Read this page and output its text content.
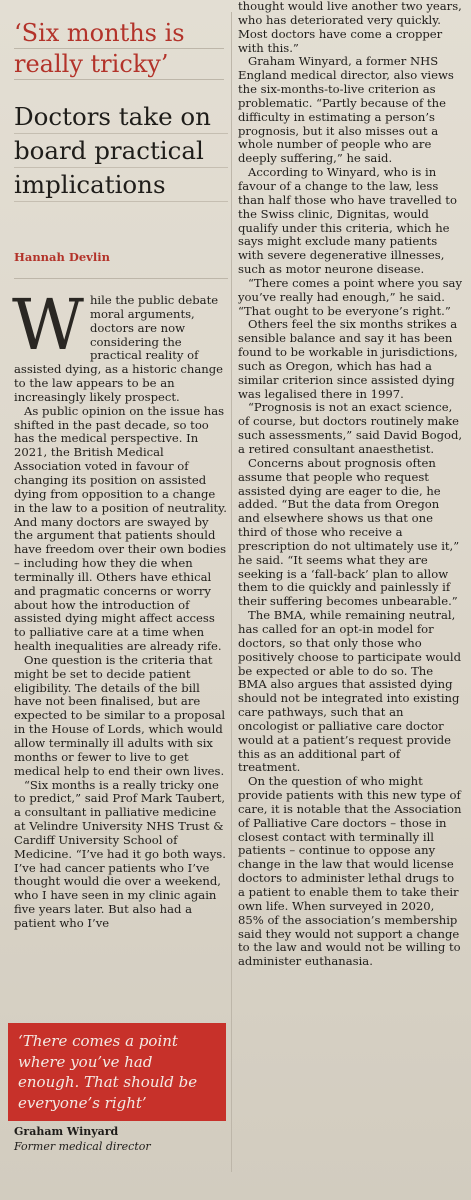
‘Six months is
really tricky’
Doctors take on
board practical
implications
Hannah Devlin

While the public debate moral arguments, doctors are now considering the practical reality of assisted dying, as a historic change to the law appears to be an increasingly likely prospect.

As public opinion on the issue has shifted in the past decade, so too has the medical perspective. In 2021, the British Medical Association voted in favour of changing its position on assisted dying from opposition to a change in the law to a position of neutrality. And many doctors are swayed by the argument that patients should have freedom over their own bodies – including how they die when terminally ill. Others have ethical and pragmatic concerns or worry about how the introduction of assisted dying might affect access to palliative care at a time when health inequalities are already rife.

One question is the criteria that might be set to decide patient eligibility. The details of the bill have not been finalised, but are expected to be similar to a proposal in the House of Lords, which would allow terminally ill adults with six months or fewer to live to get medical help to end their own lives.

“Six months is a really tricky one to predict,” said Prof Mark Taubert, a consultant in palliative medicine at Velindre University NHS Trust & Cardiff University School of Medicine. “I’ve had it go both ways. I’ve had cancer patients who I’ve thought would die over a weekend, who I have seen in my clinic again five years later. But also had a patient who I’ve

thought would live another two years, who has deteriorated very quickly. Most doctors have come a cropper with this.”

Graham Winyard, a former NHS England medical director, also views the six-months-to-live criterion as problematic. “Partly because of the difficulty in estimating a person’s prognosis, but it also misses out a whole number of people who are deeply suffering,” he said.

According to Winyard, who is in favour of a change to the law, less than half those who have travelled to the Swiss clinic, Dignitas, would qualify under this criteria, which he says might exclude many patients with severe degenerative illnesses, such as motor neurone disease.

“There comes a point where you say you’ve really had enough,” he said. “That ought to be everyone’s right.”

Others feel the six months strikes a sensible balance and say it has been found to be workable in jurisdictions, such as Oregon, which has had a similar criterion since assisted dying was legalised there in 1997.

“Prognosis is not an exact science, of course, but doctors routinely make such assessments,” said David Bogod, a retired consultant anaesthetist.

Concerns about prognosis often assume that people who request assisted dying are eager to die, he added. “But the data from Oregon and elsewhere shows us that one third of those who receive a prescription do not ultimately use it,” he said. “It seems what they are seeking is a ‘fall-back’ plan to allow them to die quickly and painlessly if their suffering becomes unbearable.”

The BMA, while remaining neutral, has called for an opt-in model for doctors, so that only those who positively choose to participate would be expected or able to do so. The BMA also argues that assisted dying should not be integrated into existing care pathways, such that an oncologist or palliative care doctor would at a patient’s request provide this as an additional part of treatment.

On the question of who might provide patients with this new type of care, it is notable that the Association of Palliative Care doctors – those in closest contact with terminally ill patients – continue to oppose any change in the law that would license doctors to administer lethal drugs to a patient to enable them to take their own life. When surveyed in 2020, 85% of the association’s membership said they would not support a change to the law and would not be willing to administer euthanasia.

‘There comes a point where you’ve had enough. That should be everyone’s right’
Graham Winyard
Former medical director
